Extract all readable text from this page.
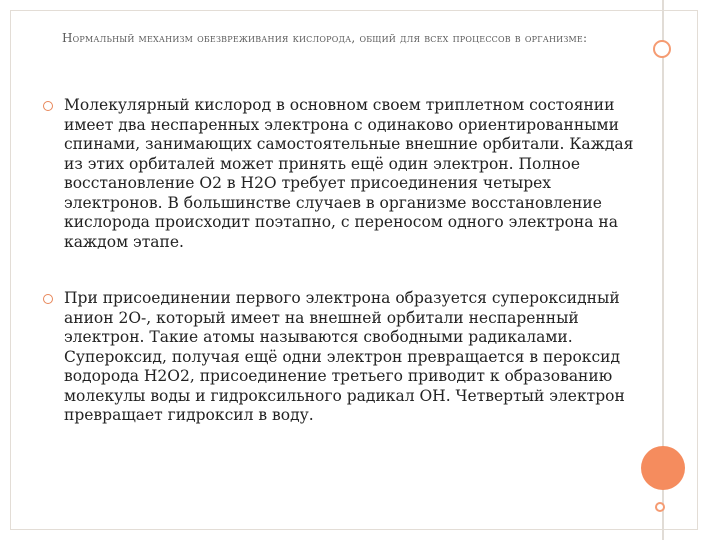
Нормальный механизм обезвреживания кислорода, общий для всех процессов в организме:
Молекулярный кислород в основном своем триплетном состоянии имеет два неспаренных электрона с одинаково ориентированными спинами, занимающих самостоятельные внешние орбитали. Каждая из этих орбиталей может принять ещё один электрон. Полное восстановление О2 в Н2О требует присоединения четырех электронов. В большинстве случаев в организме восстановление кислорода происходит поэтапно, с переносом одного электрона на каждом этапе.
При присоединении первого электрона образуется супероксидный анион 2О-, который имеет на внешней орбитали неспаренный электрон. Такие атомы называются свободными радикалами. Супероксид, получая ещё одни электрон превращается в пероксид водорода Н2О2, присоединение третьего приводит к образованию молекулы воды и гидроксильного радикал ОН. Четвертый электрон превращает гидроксил в воду.
